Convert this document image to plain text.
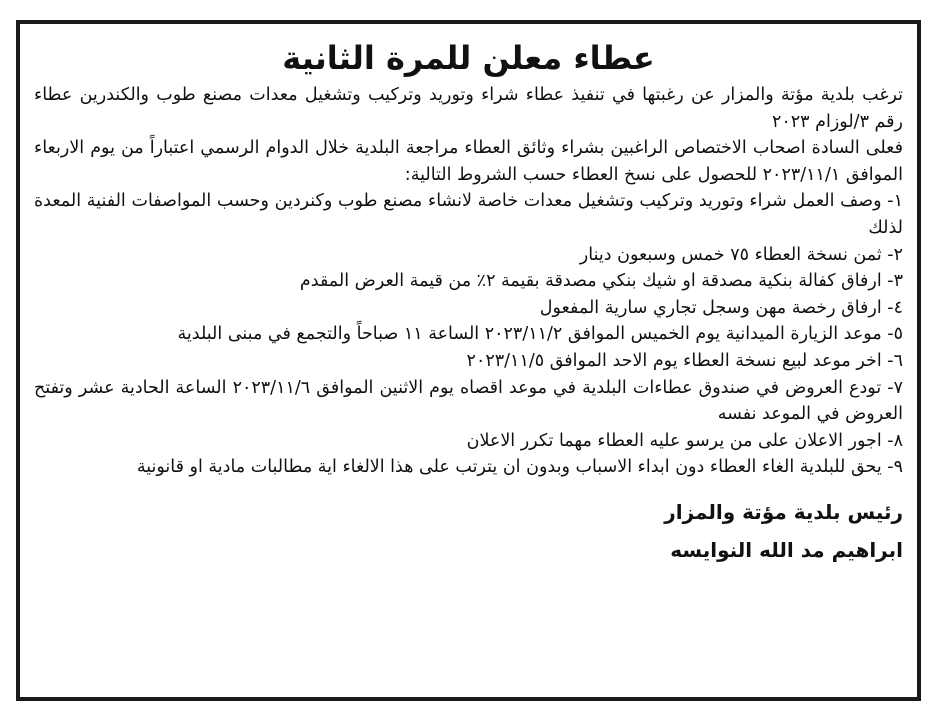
عطاء معلن للمرة الثانية

ترغب بلدية مؤتة والمزار عن رغبتها في تنفيذ عطاء شراء وتوريد وتركيب وتشغيل معدات مصنع طوب والكندرين عطاء رقم ٣/لوزام ٢٠٢٣

فعلى السادة اصحاب الاختصاص الراغبين بشراء وثائق العطاء مراجعة البلدية خلال الدوام الرسمي اعتباراً من يوم الاربعاء الموافق ٢٠٢٣/١١/١ للحصول على نسخ العطاء حسب الشروط التالية:

١- وصف العمل شراء وتوريد وتركيب وتشغيل معدات خاصة لانشاء مصنع طوب وكنردين وحسب المواصفات الفنية المعدة لذلك

٢- ثمن نسخة العطاء ٧٥ خمس وسبعون دينار

٣- ارفاق كفالة بنكية مصدقة او شيك بنكي مصدقة بقيمة ٢٪ من قيمة العرض المقدم

٤- ارفاق رخصة مهن وسجل تجاري سارية المفعول

٥- موعد الزيارة الميدانية يوم الخميس الموافق ٢٠٢٣/١١/٢ الساعة ١١ صباحاً والتجمع في مبنى البلدية

٦- اخر موعد لبيع نسخة العطاء يوم الاحد الموافق ٢٠٢٣/١١/٥

٧- تودع العروض في صندوق عطاءات البلدية في موعد اقصاه يوم الاثنين الموافق ٢٠٢٣/١١/٦ الساعة الحادية عشر وتفتح العروض في الموعد نفسه

٨- اجور الاعلان على من يرسو عليه العطاء مهما تكرر الاعلان

٩- يحق للبلدية الغاء العطاء دون ابداء الاسباب وبدون ان يترتب على هذا الالغاء اية مطالبات مادية او قانونية

رئيس بلدية مؤتة والمزار

ابراهيم مد الله النوايسه
